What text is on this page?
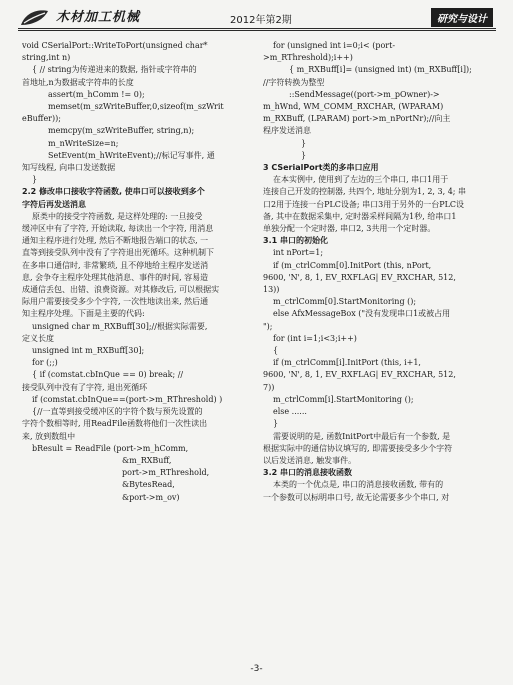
木材加工机械	2012年第2期	研究与设计
void CSerialPort::WriteToPort(unsigned char*
string,int n)
{ // string为传递进来的数据, 指针或字符串的
首地址,n为数据或字符串的长度
assert(m_hComm != 0);
memset(m_szWriteBuffer,0,sizeof(m_szWrit
eBuffer));
memcpy(m_szWriteBuffer, string,n);
m_nWriteSize=n;
SetEvent(m_hWriteEvent);//标记写事件, 通
知写线程, 向串口发送数据
}
2.2 修改串口接收字符函数, 使串口可以接收到多个
字符后再发送消息
原类中的接受字符函数, 是这样处理的: 一旦接受
缓冲区中有了字符, 开始读取, 每读出一个字符, 用消息
通知主程序进行处理, 然后不断地报告端口的状态, 一
直等到接受队列中没有了字符退出死循环。这种机制下
在多串口通信时, 非常繁琐, 且不停地给主程序发送消
息, 会争夺主程序处理其他消息、事件的时间, 容易造
成通信丢包、出错、浪费资源。对其修改后, 可以根据实
际用户需要接受多少个字符, 一次性地读出来, 然后通
知主程序处理。下面是主要的代码:
unsigned char m_RXBuff[30];//根据实际需要,
定义长度
unsigned int m_RXBuff[30];
for (;;)
{ if (comstat.cbInQue == 0) break; //
接受队列中没有了字符, 退出死循环
if (comstat.cbInQue==(port->m_RThreshold) )
{//一直等到接受缓冲区的字符个数与预先设置的
字符个数相等时, 用ReadFile函数将他们一次性读出
来, 放到数组中
bResult = ReadFile (port->m_hComm,
&m_RXBuff,
port->m_RThreshold,
&BytesRead,
&port->m_ov)
for (unsigned int i=0;i< (port-
>m_RThreshold);i++)
{ m_RXBuff[i]= (unsigned int) (m_RXBuff[i]);
//字符转换为整型
::SendMessage((port->m_pOwner)->
m_hWnd, WM_COMM_RXCHAR, (WPARAM)
m_RXBuff, (LPARAM) port->m_nPortNr);//向主
程序发送消息
}
}
3 CSerialPort类的多串口应用
在本实例中, 使用到了左边的三个串口, 串口1用于
连接自己开发的控制器, 共四个, 地址分别为1, 2, 3, 4; 串
口2用于连接一台PLC设备; 串口3用于另外的一台PLC设
备, 其中在数据采集中, 定时器采样间隔为1秒, 给串口1
单独分配一个定时器, 串口2, 3共用一个定时器。
3.1 串口的初始化
int nPort=1;
if (m_ctrlComm[0].InitPort (this, nPort,
9600, 'N', 8, 1, EV_RXFLAG| EV_RXCHAR, 512,
13))
m_ctrlComm[0].StartMonitoring ();
else AfxMessageBox ("没有发现串口1或被占用
");
for (int i=1;i<3;i++)
{
if (m_ctrlComm[i].InitPort (this, i+1,
9600, 'N', 8, 1, EV_RXFLAG| EV_RXCHAR, 512,
7))
m_ctrlComm[i].StartMonitoring ();
else ......
}
需要说明的是, 函数InitPort中最后有一个参数, 是
根据实际中的通信协议填写的, 即需要接受多少个字符
以后发送消息, 触发事件。
3.2 串口的消息接收函数
本类的一个优点是, 串口的消息接收函数, 带有的
一个参数可以标明串口号, 故无论需要多少个串口, 对
-3-
